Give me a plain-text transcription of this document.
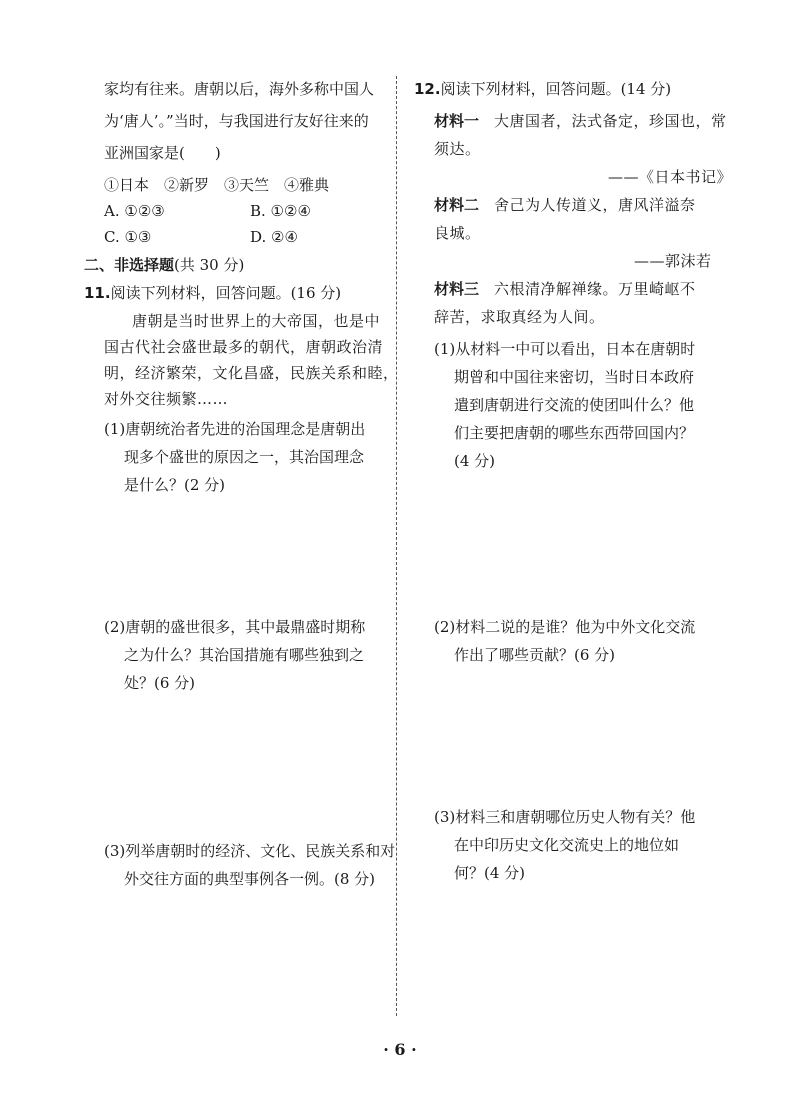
家均有往来。唐朝以后，海外多称中国人
为‘唐人’。”当时，与我国进行友好往来的
亚洲国家是(　　)
①日本　②新罗　③天竺　④雅典
A. ①②③	B. ①②④
C. ①③	D. ②④
二、非选择题(共 30 分)
11.阅读下列材料，回答问题。(16 分)
唐朝是当时世界上的大帝国，也是中
国古代社会盛世最多的朝代，唐朝政治清
明，经济繁荣，文化昌盛，民族关系和睦，
对外交往频繁……
(1)唐朝统治者先进的治国理念是唐朝出
现多个盛世的原因之一，其治国理念
是什么？(2 分)
(2)唐朝的盛世很多，其中最鼎盛时期称
之为什么？其治国措施有哪些独到之
处？(6 分)
(3)列举唐朝时的经济、文化、民族关系和对
外交往方面的典型事例各一例。(8 分)
12.阅读下列材料，回答问题。(14 分)
材料一　 大唐国者，法式备定，珍国也，常
须达。
——《日本书记》
材料二　 舍己为人传道义，唐风洋溢奈
良城。
——郭沫若
材料三　 六根清净解禅缘。万里崎岖不
辞苦，求取真经为人间。
(1)从材料一中可以看出，日本在唐朝时
期曾和中国往来密切，当时日本政府
遣到唐朝进行交流的使团叫什么？他
们主要把唐朝的哪些东西带回国内？
(4 分)
(2)材料二说的是谁？他为中外文化交流
作出了哪些贡献？(6 分)
(3)材料三和唐朝哪位历史人物有关？他
在中印历史文化交流史上的地位如
何？(4 分)
· 6 ·
